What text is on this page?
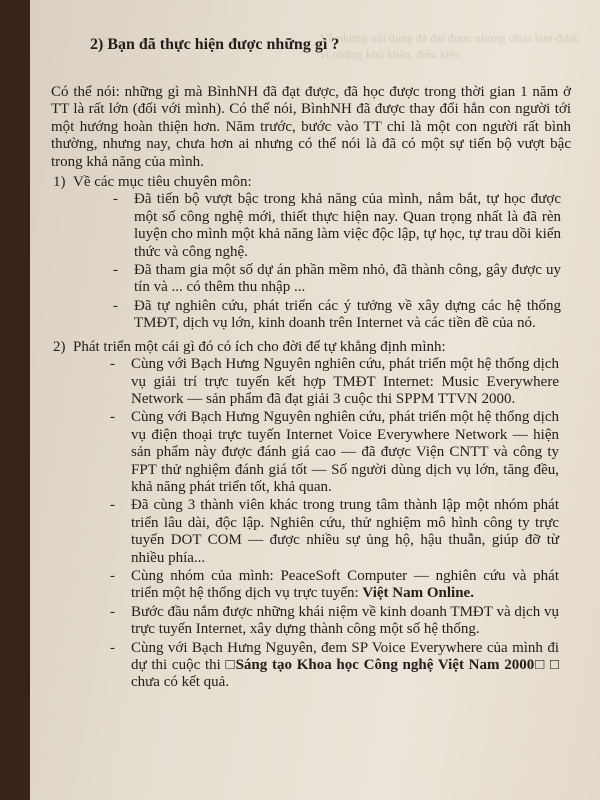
Về những nội dung đã đạt được nhưng chưa làm được vì những khó khăn, điều kiện
2) Bạn đã thực hiện được những gì ?

Có thể nói: những gì mà BìnhNH đã đạt được, đã học được trong thời gian 1 năm ở TT là rất lớn (đối với mình). Có thể nói, BìnhNH đã được thay đổi hẳn con người tới một hướng hoàn thiện hơn. Năm trước, bước vào TT chỉ là một con người rất bình thường, nhưng nay, chưa hơn ai nhưng có thể nói là đã có một sự tiến bộ vượt bậc trong khả năng của mình.

1) Về các mục tiêu chuyên môn:
- Đã tiến bộ vượt bậc trong khả năng của mình, nắm bắt, tự học được một số công nghệ mới, thiết thực hiện nay. Quan trọng nhất là đã rèn luyện cho mình một khả năng làm việc độc lập, tự học, tự trau dồi kiến thức và công nghệ.
- Đã tham gia một số dự án phần mềm nhỏ, đã thành công, gây được uy tín và ... có thêm thu nhập ...
- Đã tự nghiên cứu, phát triển các ý tưởng về xây dựng các hệ thống TMĐT, dịch vụ lớn, kinh doanh trên Internet và các tiền đề của nó.
2) Phát triển một cái gì đó có ích cho đời để tự khẳng định mình:
- Cùng với Bạch Hưng Nguyên nghiên cứu, phát triển một hệ thống dịch vụ giải trí trực tuyến kết hợp TMĐT Internet: Music Everywhere Network — sản phẩm đã đạt giải 3 cuộc thi SPPM TTVN 2000.
- Cùng với Bạch Hưng Nguyên nghiên cứu, phát triển một hệ thống dịch vụ điện thoại trực tuyến Internet Voice Everywhere Network — hiện sản phẩm này được đánh giá cao — đã được Viện CNTT và công ty FPT thử nghiệm đánh giá tốt — Số người dùng dịch vụ lớn, tăng đều, khả năng phát triển tốt, khả quan.
- Đã cùng 3 thành viên khác trong trung tâm thành lập một nhóm phát triển lâu dài, độc lập. Nghiên cứu, thử nghiệm mô hình công ty trực tuyến DOT COM — được nhiều sự ủng hộ, hậu thuẫn, giúp đỡ từ nhiều phía...
- Cùng nhóm của mình: PeaceSoft Computer — nghiên cứu và phát triển một hệ thống dịch vụ trực tuyến: Việt Nam Online.
- Bước đầu nắm được những khái niệm về kinh doanh TMĐT và dịch vụ trực tuyến Internet, xây dựng thành công một số hệ thống.
- Cùng với Bạch Hưng Nguyên, đem SP Voice Everywhere của mình đi dự thi cuộc thi □Sáng tạo Khoa học Công nghệ Việt Nam 2000□ □ chưa có kết quả.
